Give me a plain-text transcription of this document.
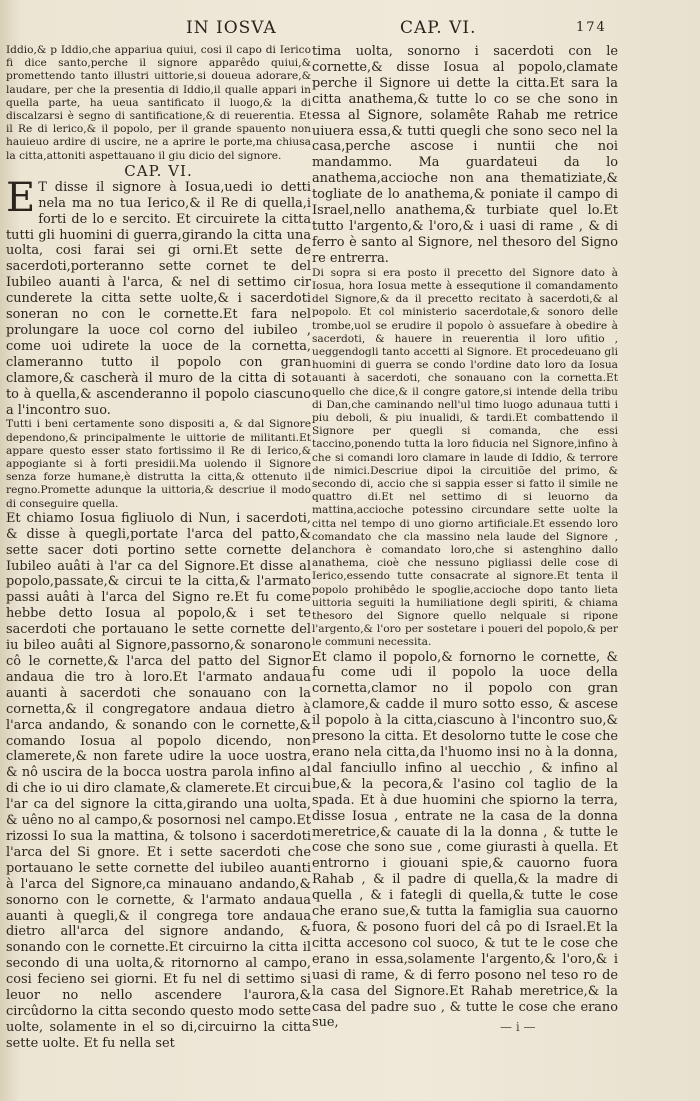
IN IOSVA	CAP. VI.	174

Iddio,& p Iddio,che appariua quiui, cosi il capo di Ierico fi dice santo,perche il signore apparêdo quiui,& promettendo tanto illustri uittorie,si doueua adorare,& laudare, per che la presentia di Iddio,il qualle appari in quella parte, ha ueua santificato il luogo,& la di discalzarsi è segno di santificatione,& di reuerentia. Et il Re di lerico,& il popolo, per il grande spauento non hauieuo ardire di uscire, ne a aprire le porte,ma chiusa la citta,attoniti aspettauano il giu dicio del signore.

CAP. VI.

E T disse il signore à Iosua,uedi io detti nela ma no tua Ierico,& il Re di quella,i forti de lo e sercito. Et circuirete la citta tutti gli huomini di guerra,girando la citta una uolta, cosi farai sei gi orni.Et sette de sacerdoti,porteranno sette cornet te del Iubileo auanti à l'arca, & nel di settimo cir cunderete la citta sette uolte,& i sacerdoti soneran no con le cornette.Et fara nel prolungare la uoce col corno del iubileo , come uoi udirete la uoce de la cornetta, clameranno tutto il popolo con gran clamore,& cascherà il muro de la citta di sot to à quella,& ascenderanno il popolo ciascuno a l'incontro suo.

Tutti i beni certamente sono dispositi a, & dal Signore dependono,& principalmente le uittorie de militanti.Et appare questo esser stato fortissimo il Re di Ierico,& appogiante si à forti presidii.Ma uolendo il Signore senza forze humane,è distrutta la citta,& ottenuto il regno.Promette adunque la uittoria,& descriue il modo di conseguire quella.

Et chiamo Iosua figliuolo di Nun, i sacerdoti, & disse à quegli,portate l'arca del patto,& sette sacer doti portino sette cornette del Iubileo auâti à l'ar ca del Signore.Et disse al popolo,passate,& circui te la citta,& l'armato passi auâti à l'arca del Signo re.Et fu come hebbe detto Iosua al popolo,& i set te sacerdoti che portauano le sette cornette del iu bileo auâti al Signore,passorno,& sonarono cô le cornette,& l'arca del patto del Signor andaua die tro à loro.Et l'armato andaua auanti à sacerdoti che sonauano con la cornetta,& il congregatore andaua dietro à l'arca andando, & sonando con le cornette,& comando Iosua al popolo dicendo, non clamerete,& non farete udire la uoce uostra, & nô uscira de la bocca uostra parola infino al di che io ui diro clamate,& clamerete.Et circui l'ar ca del signore la citta,girando una uolta, & uêno no al campo,& posornosi nel campo.Et rizossi Io sua la mattina, & tolsono i sacerdoti l'arca del Si gnore. Et i sette sacerdoti che portauano le sette cornette del iubileo auanti à l'arca del Signore,ca minauano andando,& sonorno con le cornette, & l'armato andaua auanti à quegli,& il congrega tore andaua dietro all'arca del signore andando, & sonando con le cornette.Et circuirno la citta il secondo di una uolta,& ritornorno al campo, cosi fecieno sei giorni. Et fu nel di settimo si leuor no nello ascendere l'aurora,& circûdorno la citta secondo questo modo sette uolte, solamente in el so di,circuirno la citta sette uolte. Et fu nella set

tima uolta, sonorno i sacerdoti con le cornette,& disse Iosua al popolo,clamate perche il Signore ui dette la citta.Et sara la citta anathema,& tutte lo co se che sono in essa al Signore, solamête Rahab me retrice uiuera essa,& tutti quegli che sono seco nel la casa,perche ascose i nuntii che noi mandammo. Ma guardateui da lo anathema,accioche non ana thematiziate,& togliate de lo anathema,& poniate il campo di Israel,nello anathema,& turbiate quel lo.Et tutto l'argento,& l'oro,& i uasi di rame , & di ferro è santo al Signore, nel thesoro del Signo re entrerra.

Di sopra si era posto il precetto del Signore dato à Iosua, hora Iosua mette à essequtione il comandamento del Signore,& da il precetto recitato à sacerdoti,& al popolo. Et col ministerio sacerdotale,& sonoro delle trombe,uol se erudire il popolo ò assuefare à obedire à sacerdoti, & hauere in reuerentia il loro ufitio , ueggendogli tanto accetti al Signore. Et procedeuano gli huomini di guerra se condo l'ordine dato loro da Iosua auanti à sacerdoti, che sonauano con la cornetta.Et quello che dice,& il congre gatore,si intende della tribu di Dan,che caminando nell'ul timo luogo adunaua tutti i piu deboli, & piu inualidi, & tardi.Et combattendo il Signore per quegli si comanda, che essi taccino,ponendo tutta la loro fiducia nel Signore,infino à che si comandi loro clamare in laude di Iddio, & terrore de nimici.Descriue dipoi la circuitiõe del primo, & secondo di, accio che si sappia esser si fatto il simile ne quattro di.Et nel settimo di si leuorno da mattina,accioche potessino circundare sette uolte la citta nel tempo di uno giorno artificiale.Et essendo loro comandato che cla massino nela laude del Signore , anchora è comandato loro,che si astenghino dallo anathema, cioè che nessuno pigliassi delle cose di Ierico,essendo tutte consacrate al signore.Et tenta il popolo prohibêdo le spoglie,accioche dopo tanto lieta uittoria seguiti la humiliatione degli spiriti, & chiama thesoro del Signore quello nelquale si ripone l'argento,& l'oro per sostetare i poueri del popolo,& per le communi necessita.

Et clamo il popolo,& fornorno le cornette, & fu come udi il popolo la uoce della cornetta,clamor no il popolo con gran clamore,& cadde il muro sotto esso, & ascese il popolo à la citta,ciascuno à l'incontro suo,& presono la citta. Et desolorno tutte le cose che erano nela citta,da l'huomo insi no à la donna, dal fanciullo infino al uecchio , & infino al bue,& la pecora,& l'asino col taglio de la spada. Et à due huomini che spiorno la terra, disse Iosua , entrate ne la casa de la donna meretrice,& cauate di la la donna , & tutte le cose che sono sue , come giurasti à quella. Et entrorno i giouani spie,& cauorno fuora Rahab , & il padre di quella,& la madre di quella , & i fategli di quella,& tutte le cose che erano sue,& tutta la famiglia sua cauorno fuora, & posono fuori del câ po di Israel.Et la citta accesono col suoco, & tut te le cose che erano in essa,solamente l'argento,& l'oro,& i uasi di rame, & di ferro posono nel teso ro de la casa del Signore.Et Rahab meretrice,& la casa del padre suo , & tutte le cose che erano sue,	— i —
